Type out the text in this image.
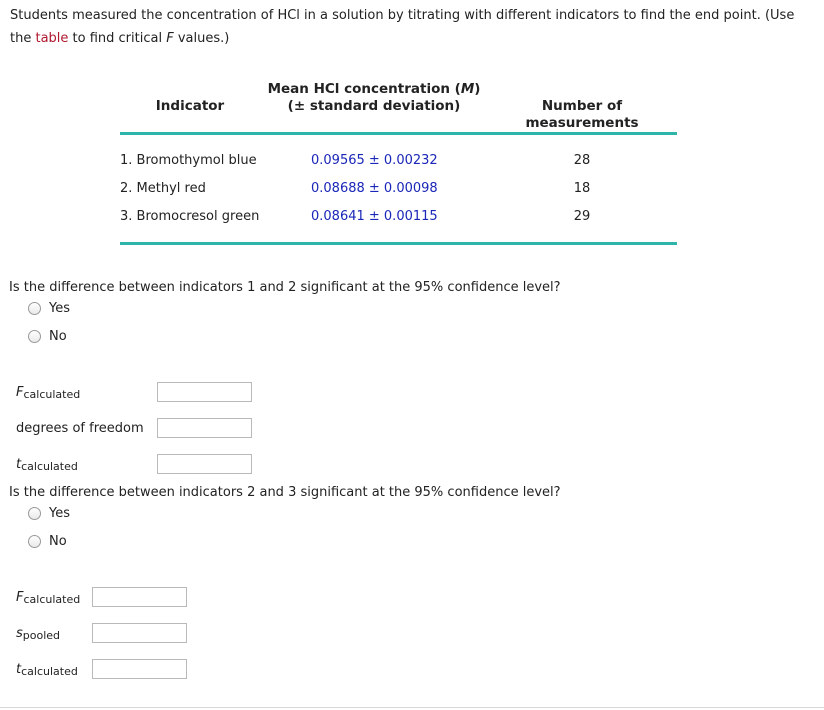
Students measured the concentration of HCl in a solution by titrating with different indicators to find the end point. (Use the table to find critical F values.)
Indicator
Mean HCl concentration (M)
(± standard deviation)	Number of measurements
1. Bromothymol blue	0.09565 ± 0.00232	28
2. Methyl red	0.08688 ± 0.00098	18
3. Bromocresol green	0.08641 ± 0.00115	29
Is the difference between indicators 1 and 2 significant at the 95% confidence level?
Yes
No
Fcalculated
degrees of freedom
tcalculated
Is the difference between indicators 2 and 3 significant at the 95% confidence level?
Yes
No
Fcalculated
spooled
tcalculated
